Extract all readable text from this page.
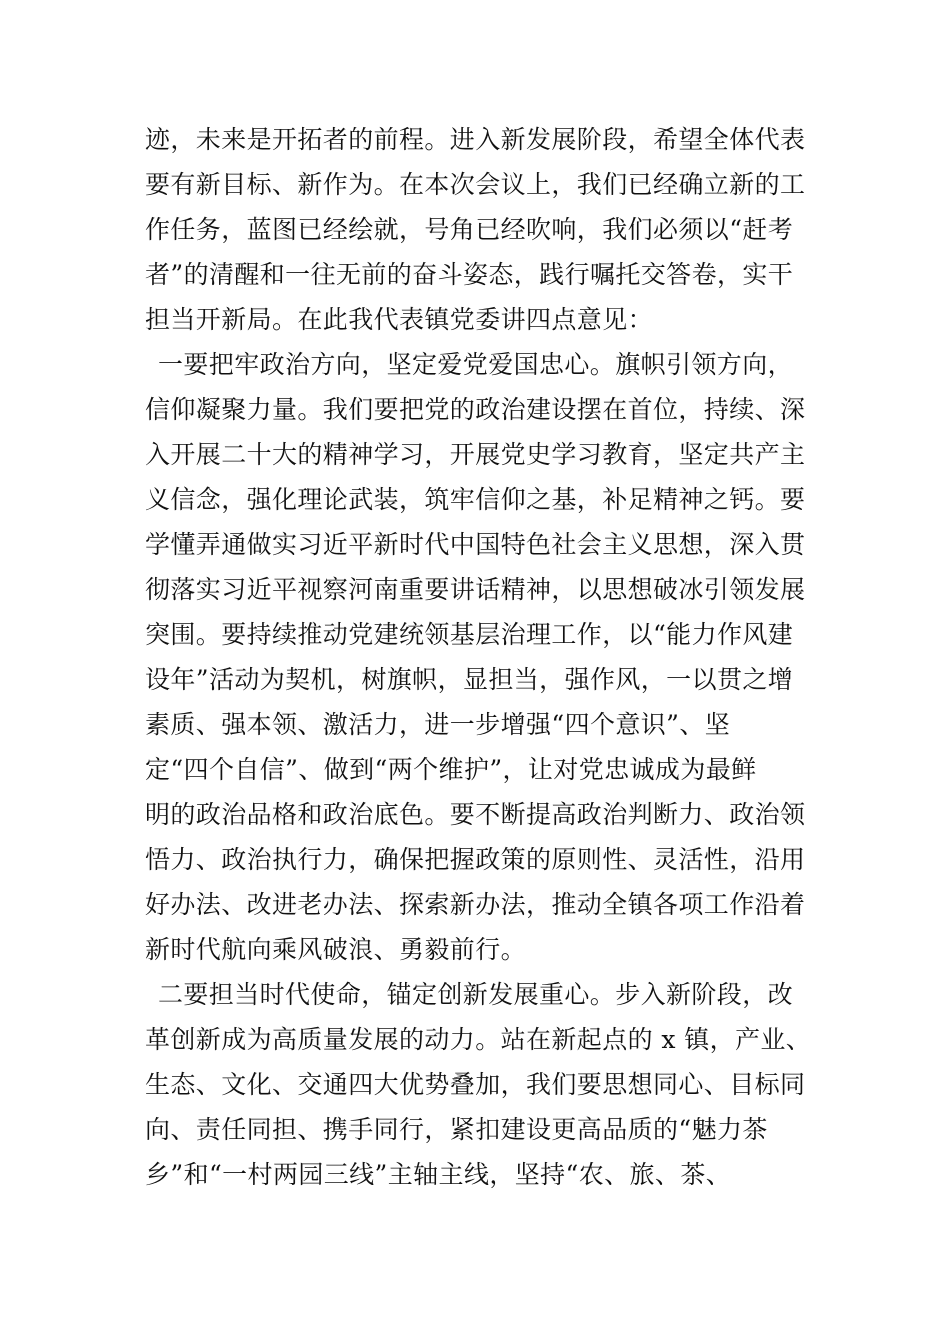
迹，未来是开拓者的前程。进入新发展阶段，希望全体代表
要有新目标、新作为。在本次会议上，我们已经确立新的工
作任务，蓝图已经绘就，号角已经吹响，我们必须以“赶考
者”的清醒和一往无前的奋斗姿态，践行嘱托交答卷，实干
担当开新局。在此我代表镇党委讲四点意见：
一要把牢政治方向，坚定爱党爱国忠心。旗帜引领方向，
信仰凝聚力量。我们要把党的政治建设摆在首位，持续、深
入开展二十大的精神学习，开展党史学习教育，坚定共产主
义信念，强化理论武装，筑牢信仰之基，补足精神之钙。要
学懂弄通做实习近平新时代中国特色社会主义思想，深入贯
彻落实习近平视察河南重要讲话精神，以思想破冰引领发展
突围。要持续推动党建统领基层治理工作，以“能力作风建
设年”活动为契机，树旗帜，显担当，强作风，一以贯之增
素质、强本领、激活力，进一步增强“四个意识”、坚
定“四个自信”、做到“两个维护”，让对党忠诚成为最鲜
明的政治品格和政治底色。要不断提高政治判断力、政治领
悟力、政治执行力，确保把握政策的原则性、灵活性，沿用
好办法、改进老办法、探索新办法，推动全镇各项工作沿着
新时代航向乘风破浪、勇毅前行。
二要担当时代使命，锚定创新发展重心。步入新阶段，改
革创新成为高质量发展的动力。站在新起点的 x 镇，产业、
生态、文化、交通四大优势叠加，我们要思想同心、目标同
向、责任同担、携手同行，紧扣建设更高品质的“魅力茶
乡”和“一村两园三线”主轴主线，坚持“农、旅、茶、
